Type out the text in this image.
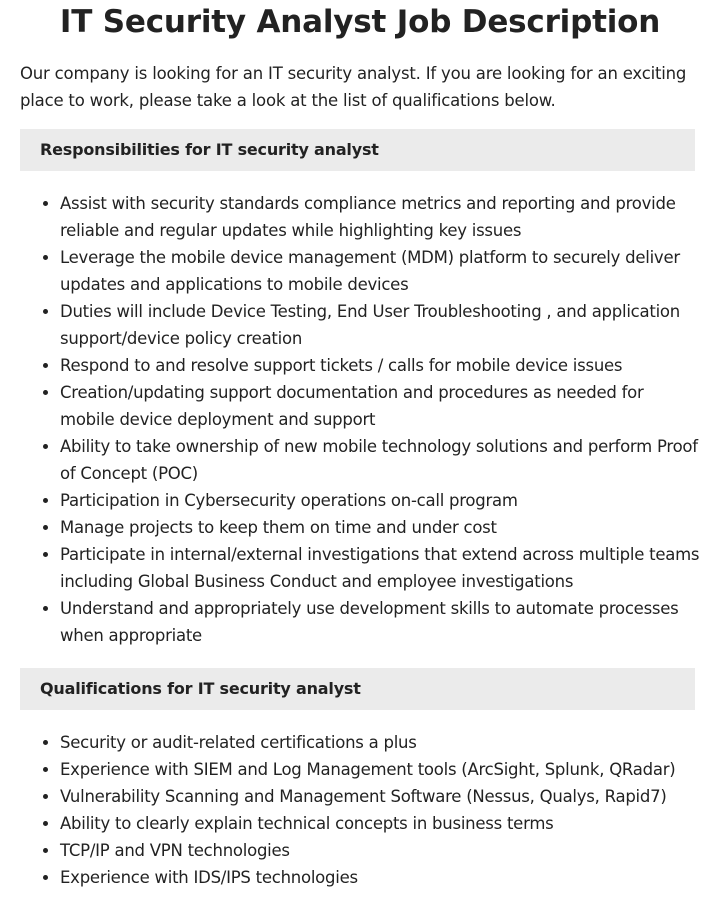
IT Security Analyst Job Description

Our company is looking for an IT security analyst. If you are looking for an exciting place to work, please take a look at the list of qualifications below.

Responsibilities for IT security analyst
• Assist with security standards compliance metrics and reporting and provide reliable and regular updates while highlighting key issues
• Leverage the mobile device management (MDM) platform to securely deliver updates and applications to mobile devices
• Duties will include Device Testing, End User Troubleshooting , and application support/device policy creation
• Respond to and resolve support tickets / calls for mobile device issues
• Creation/updating support documentation and procedures as needed for mobile device deployment and support
• Ability to take ownership of new mobile technology solutions and perform Proof of Concept (POC)
• Participation in Cybersecurity operations on-call program
• Manage projects to keep them on time and under cost
• Participate in internal/external investigations that extend across multiple teams including Global Business Conduct and employee investigations
• Understand and appropriately use development skills to automate processes when appropriate
Qualifications for IT security analyst
• Security or audit-related certifications a plus
• Experience with SIEM and Log Management tools (ArcSight, Splunk, QRadar)
• Vulnerability Scanning and Management Software (Nessus, Qualys, Rapid7)
• Ability to clearly explain technical concepts in business terms
• TCP/IP and VPN technologies
• Experience with IDS/IPS technologies
